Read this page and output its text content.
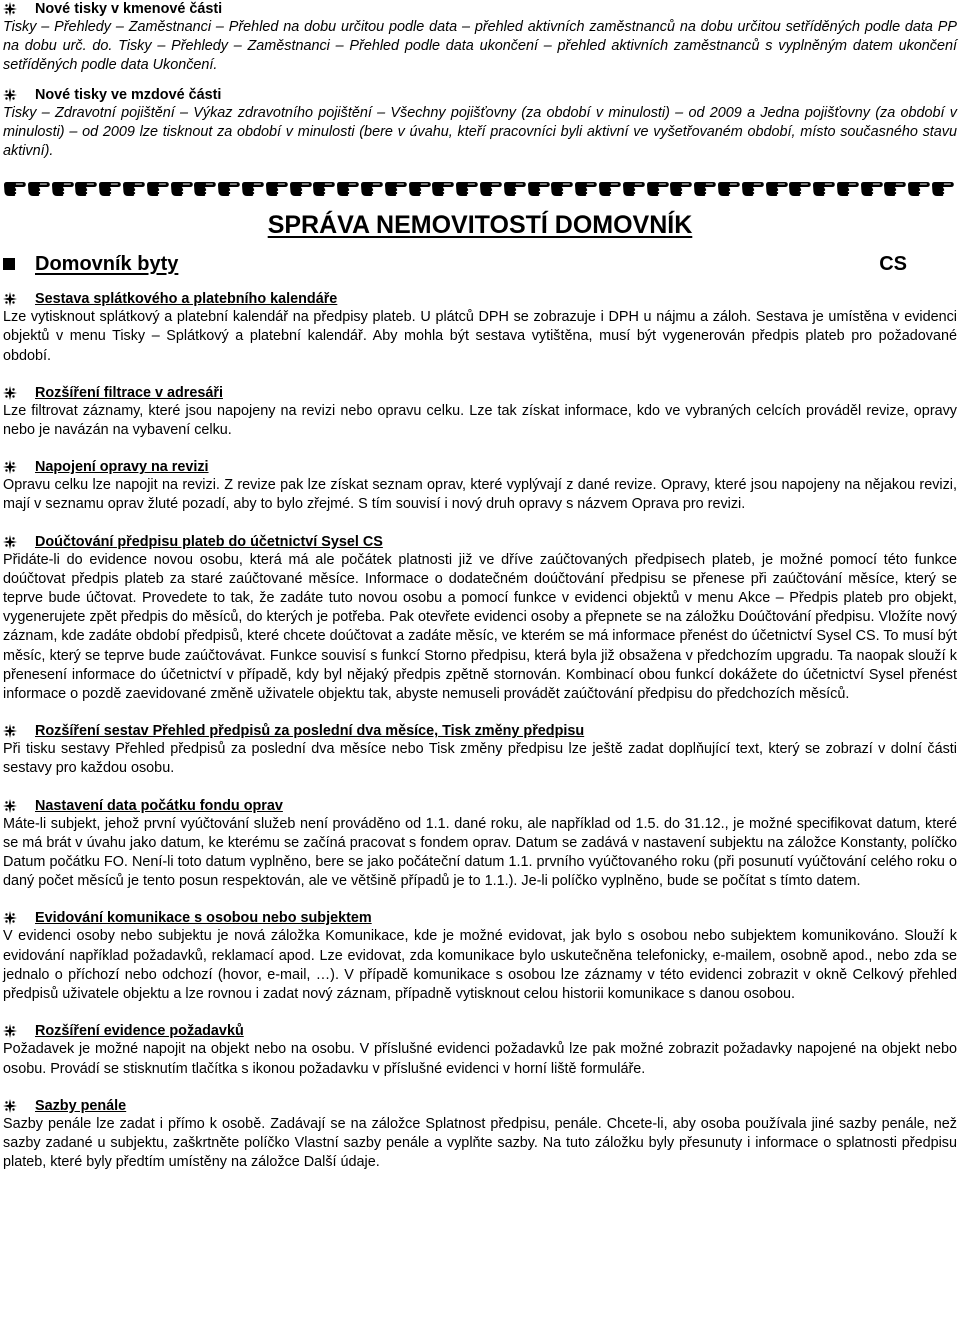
Nové tisky v kmenové části

Tisky – Přehledy – Zaměstnanci – Přehled na dobu určitou podle data – přehled aktivních zaměstnanců na dobu určitou setříděných podle data PP na dobu urč. do. Tisky – Přehledy – Zaměstnanci – Přehled podle data ukončení – přehled aktivních zaměstnanců s vyplněným datem ukončení setříděných podle data Ukončení.

Nové tisky ve mzdové části

Tisky – Zdravotní pojištění – Výkaz zdravotního pojištění – Všechny pojišťovny (za období v minulosti) – od 2009 a Jedna pojišťovny (za období v minulosti) – od 2009 lze tisknout za období v minulosti (bere v úvahu, kteří pracovníci byli aktivní ve vyšetřovaném období, místo současného stavu aktivní).

SPRÁVA NEMOVITOSTÍ DOMOVNÍK
Domovník byty	CS
Sestava splátkového a platebního kalendáře

Lze vytisknout splátkový a platební kalendář na předpisy plateb. U plátců DPH se zobrazuje i DPH u nájmu a záloh. Sestava je umístěna v evidenci objektů v menu Tisky – Splátkový a platební kalendář. Aby mohla být sestava vytištěna, musí být vygenerován předpis plateb pro požadované období.

Rozšíření filtrace v adresáři

Lze filtrovat záznamy, které jsou napojeny na revizi nebo opravu celku. Lze tak získat informace, kdo ve vybraných celcích prováděl revize, opravy nebo je navázán na vybavení celku.

Napojení opravy na revizi

Opravu celku lze napojit na revizi. Z revize pak lze získat seznam oprav, které vyplývají z dané revize. Opravy, které jsou napojeny na nějakou revizi, mají v seznamu oprav žluté pozadí, aby to bylo zřejmé. S tím souvisí i nový druh opravy s názvem Oprava pro revizi.

Doúčtování předpisu plateb do účetnictví Sysel CS

Přidáte-li do evidence novou osobu, která má ale počátek platnosti již ve dříve zaúčtovaných předpisech plateb, je možné pomocí této funkce doúčtovat předpis plateb za staré zaúčtované měsíce. Informace o dodatečném doúčtování předpisu se přenese při zaúčtování měsíce, který se teprve bude účtovat. Provedete to tak, že zadáte tuto novou osobu a pomocí funkce v evidenci objektů v menu Akce – Předpis plateb pro objekt, vygenerujete zpět předpis do měsíců, do kterých je potřeba. Pak otevřete evidenci osoby a přepnete se na záložku Doúčtování předpisu. Vložíte nový záznam, kde zadáte období předpisů, které chcete doúčtovat a zadáte měsíc, ve kterém se má informace přenést do účetnictví Sysel CS. To musí být měsíc, který se teprve bude zaúčtovávat. Funkce souvisí s funkcí Storno předpisu, která byla již obsažena v předchozím upgradu. Ta naopak slouží k přenesení informace do účetnictví v případě, kdy byl nějaký předpis zpětně stornován. Kombinací obou funkcí dokážete do účetnictví Sysel přenést informace o pozdě zaevidované změně uživatele objektu tak, abyste nemuseli provádět zaúčtování předpisu do předchozích měsíců.

Rozšíření sestav Přehled předpisů za poslední dva měsíce, Tisk změny předpisu

Při tisku sestavy Přehled předpisů za poslední dva měsíce nebo Tisk změny předpisu lze ještě zadat doplňující text, který se zobrazí v dolní části sestavy pro každou osobu.

Nastavení data počátku fondu oprav

Máte-li subjekt, jehož první vyúčtování služeb není prováděno od 1.1. dané roku, ale například od 1.5. do 31.12., je možné specifikovat datum, které se má brát v úvahu jako datum, ke kterému se začíná pracovat s fondem oprav. Datum se zadává v nastavení subjektu na záložce Konstanty, políčko Datum počátku FO. Není-li toto datum vyplněno, bere se jako počáteční datum 1.1. prvního vyúčtovaného roku (při posunutí vyúčtování celého roku o daný počet měsíců je tento posun respektován, ale ve většině případů je to 1.1.). Je-li políčko vyplněno, bude se počítat s tímto datem.

Evidování komunikace s osobou nebo subjektem

V evidenci osoby nebo subjektu je nová záložka Komunikace, kde je možné evidovat, jak bylo s osobou nebo subjektem komunikováno. Slouží k evidování například požadavků, reklamací apod. Lze evidovat, zda komunikace bylo uskutečněna telefonicky, e-mailem, osobně apod., nebo zda se jednalo o příchozí nebo odchozí (hovor, e-mail, …). V případě komunikace s osobou lze záznamy v této evidenci zobrazit v okně Celkový přehled předpisů uživatele objektu a lze rovnou i zadat nový záznam, případně vytisknout celou historii komunikace s danou osobou.

Rozšíření evidence požadavků

Požadavek je možné napojit na objekt nebo na osobu. V příslušné evidenci požadavků lze pak možné zobrazit požadavky napojené na objekt nebo osobu. Provádí se stisknutím tlačítka s ikonou požadavku v příslušné evidenci v horní liště formuláře.

Sazby penále

Sazby penále lze zadat i přímo k osobě. Zadávají se na záložce Splatnost předpisu, penále. Chcete-li, aby osoba používala jiné sazby penále, než sazby zadané u subjektu, zaškrtněte políčko Vlastní sazby penále a vyplňte sazby. Na tuto záložku byly přesunuty i informace o splatnosti předpisu plateb, které byly předtím umístěny na záložce Další údaje.
